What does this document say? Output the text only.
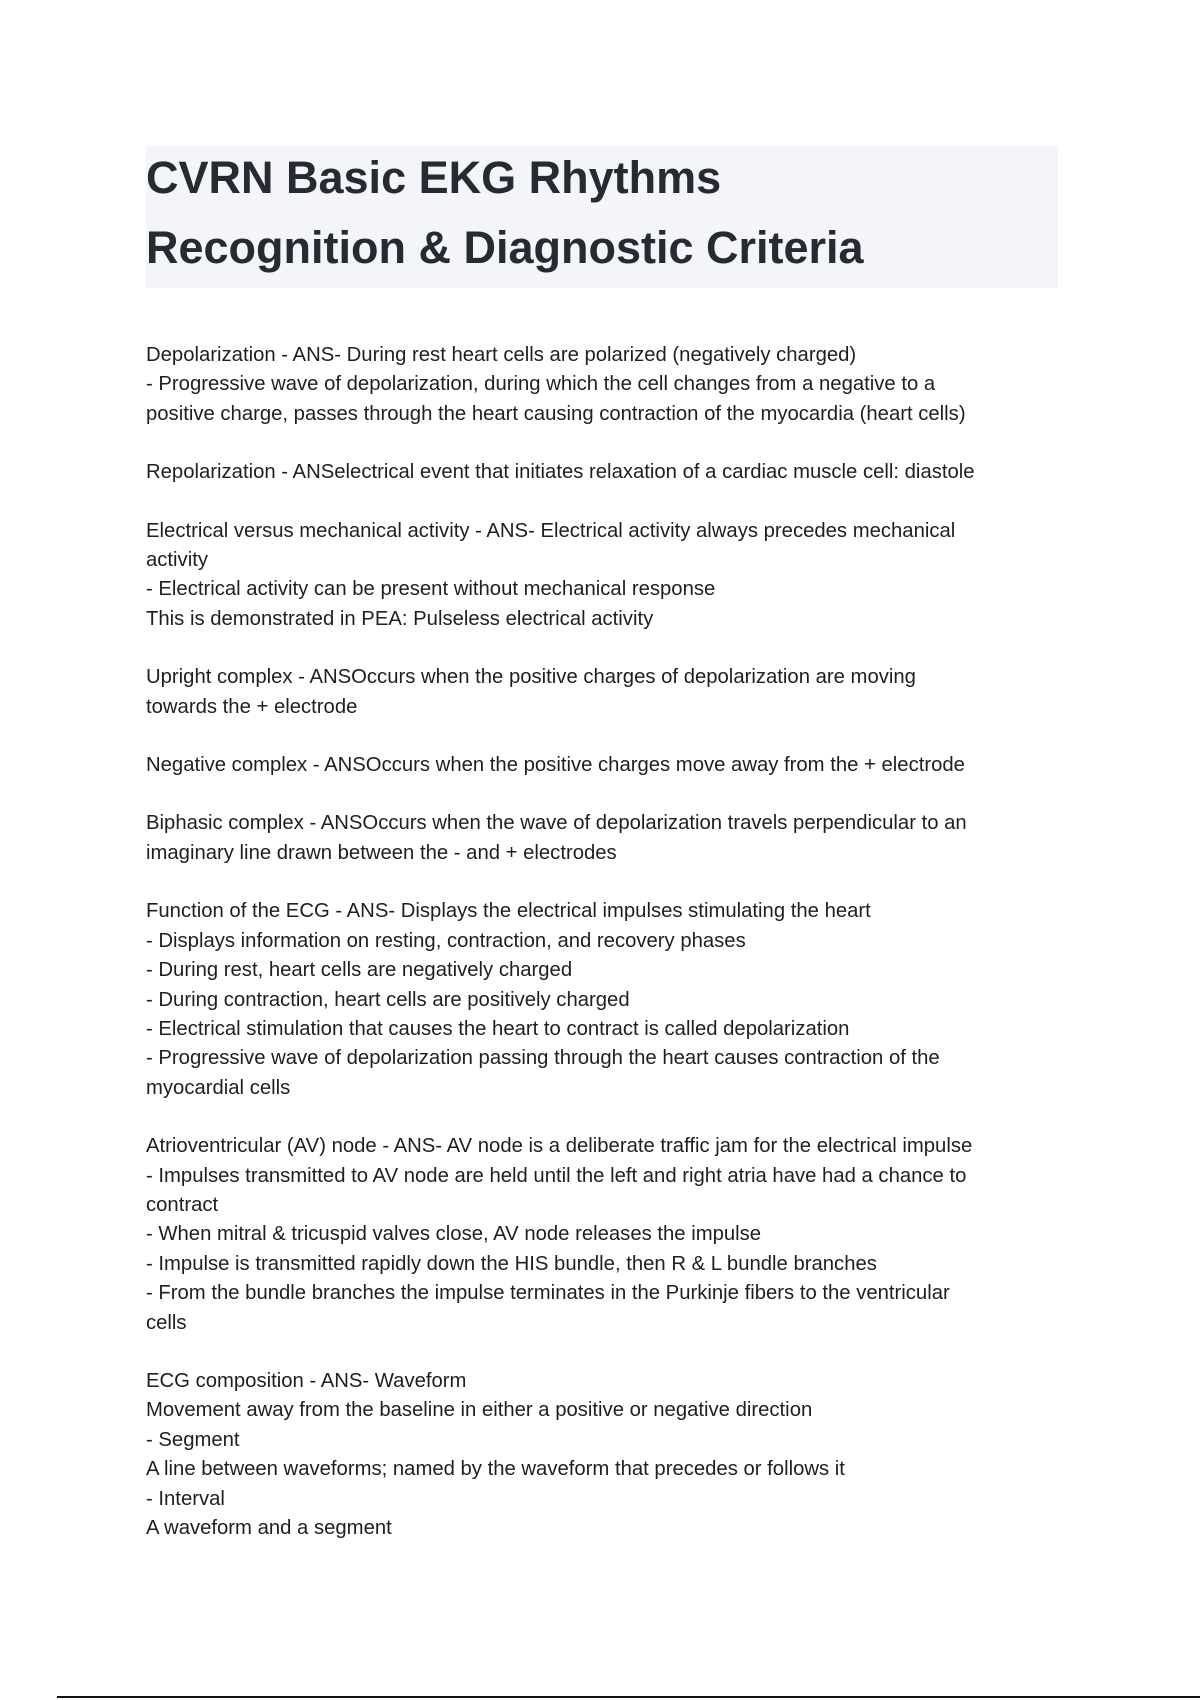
CVRN Basic EKG Rhythms
Recognition & Diagnostic Criteria
Depolarization - ANS- During rest heart cells are polarized (negatively charged)
- Progressive wave of depolarization, during which the cell changes from a negative to a
positive charge, passes through the heart causing contraction of the myocardia (heart cells)
Repolarization - ANSelectrical event that initiates relaxation of a cardiac muscle cell: diastole
Electrical versus mechanical activity - ANS- Electrical activity always precedes mechanical
activity
- Electrical activity can be present without mechanical response
This is demonstrated in PEA: Pulseless electrical activity
Upright complex - ANSOccurs when the positive charges of depolarization are moving
towards the + electrode
Negative complex - ANSOccurs when the positive charges move away from the + electrode
Biphasic complex - ANSOccurs when the wave of depolarization travels perpendicular to an
imaginary line drawn between the - and + electrodes
Function of the ECG - ANS- Displays the electrical impulses stimulating the heart
- Displays information on resting, contraction, and recovery phases
- During rest, heart cells are negatively charged
- During contraction, heart cells are positively charged
- Electrical stimulation that causes the heart to contract is called depolarization
- Progressive wave of depolarization passing through the heart causes contraction of the
myocardial cells
Atrioventricular (AV) node - ANS- AV node is a deliberate traffic jam for the electrical impulse
- Impulses transmitted to AV node are held until the left and right atria have had a chance to
contract
- When mitral & tricuspid valves close, AV node releases the impulse
- Impulse is transmitted rapidly down the HIS bundle, then R & L bundle branches
- From the bundle branches the impulse terminates in the Purkinje fibers to the ventricular
cells
ECG composition - ANS- Waveform
Movement away from the baseline in either a positive or negative direction
- Segment
A line between waveforms; named by the waveform that precedes or follows it
- Interval
A waveform and a segment
